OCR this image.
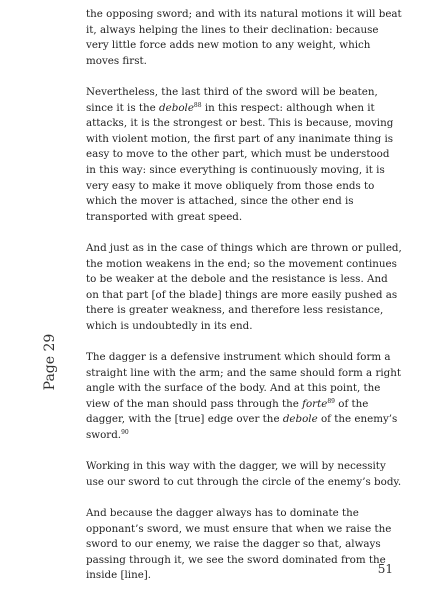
the opposing sword; and with its natural motions it will beat it, always helping the lines to their declination: because very little force adds new motion to any weight, which moves first.

Nevertheless, the last third of the sword will be beaten, since it is the debole$^{88}$ in this respect: although when it attacks, it is the strongest or best. This is because, moving with violent motion, the first part of any inanimate thing is easy to move to the other part, which must be understood in this way: since everything is continuously moving, it is very easy to make it move obliquely from those ends to which the mover is attached, since the other end is transported with great speed.

And just as in the case of things which are thrown or pulled, the motion weakens in the end; so the movement continues to be weaker at the debole and the resistance is less. And on that part [of the blade] things are more easily pushed as there is greater weakness, and therefore less resistance, which is undoubtedly in its end.

The dagger is a defensive instrument which should form a straight line with the arm; and the same should form a right angle with the surface of the body. And at this point, the view of the man should pass through the forte$^{89}$ of the dagger, with the [true] edge over the debole of the enemy’s sword.$^{90}$

Working in this way with the dagger, we will by necessity use our sword to cut through the circle of the enemy’s body.

And because the dagger always has to dominate the opponant’s sword, we must ensure that when we raise the sword to our enemy, we raise the dagger so that, always passing through it, we see the sword dominated from the inside [line].

Page 29
51
